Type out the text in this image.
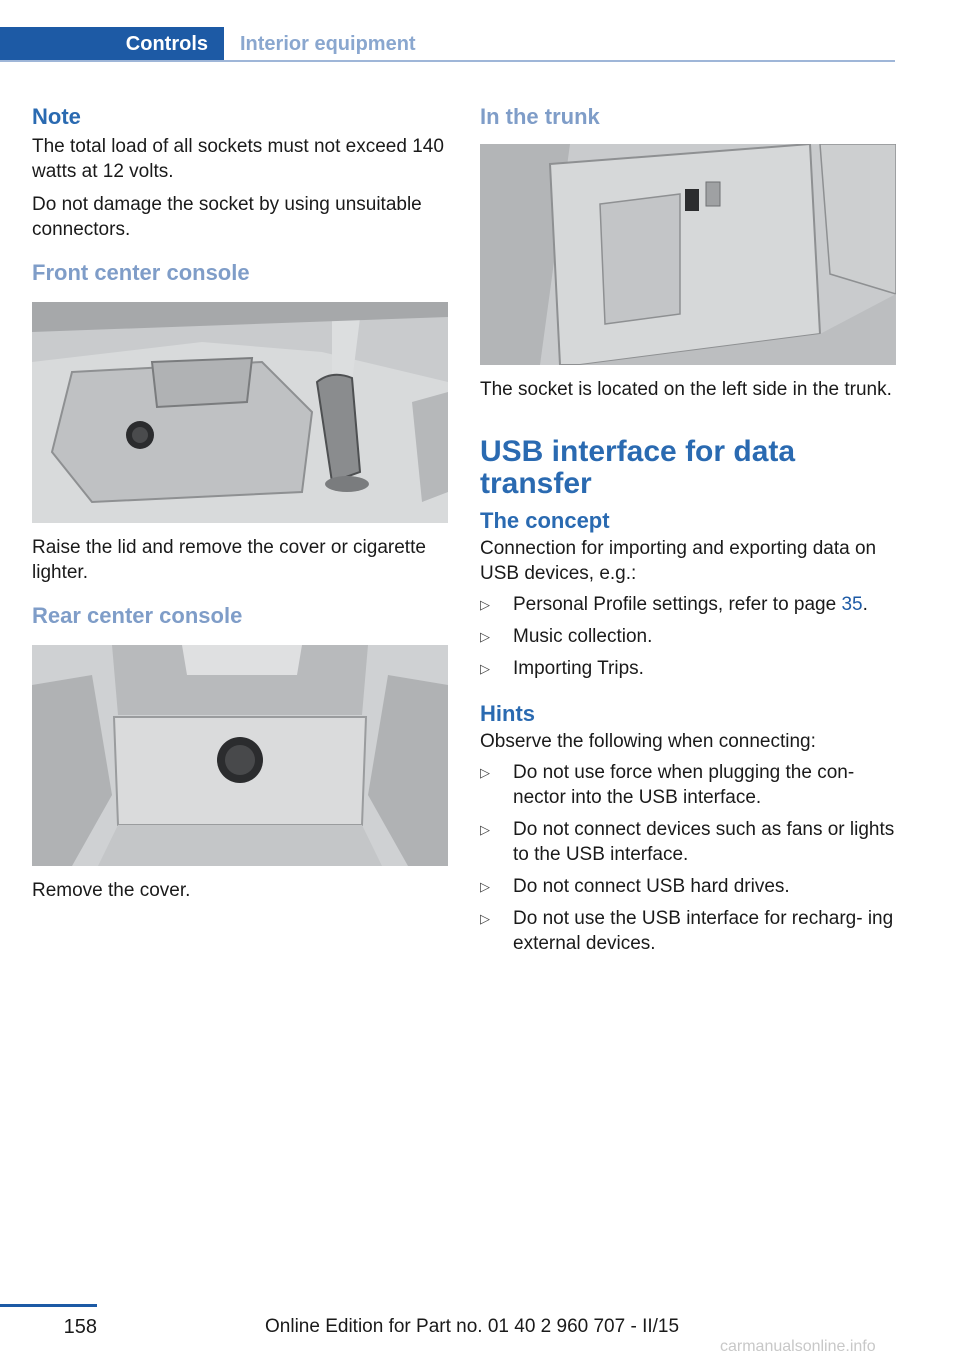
Controls Interior equipment
Note

The total load of all sockets must not exceed 140 watts at 12 volts.

Do not damage the socket by using unsuitable connectors.

Front center console

Raise the lid and remove the cover or cigarette lighter.

Rear center console

Remove the cover.

In the trunk

The socket is located on the left side in the trunk.

USB interface for data transfer
The concept

Connection for importing and exporting data on USB devices, e.g.:

▷ Personal Profile settings, refer to page 35.
▷ Music collection.
▷ Importing Trips.
Hints

Observe the following when connecting:

▷ Do not use force when plugging the con‐ nector into the USB interface.
▷ Do not connect devices such as fans or lights to the USB interface.
▷ Do not connect USB hard drives.
▷ Do not use the USB interface for recharg‐ ing external devices.
158	Online Edition for Part no. 01 40 2 960 707 - II/15
carmanualsonline.info
